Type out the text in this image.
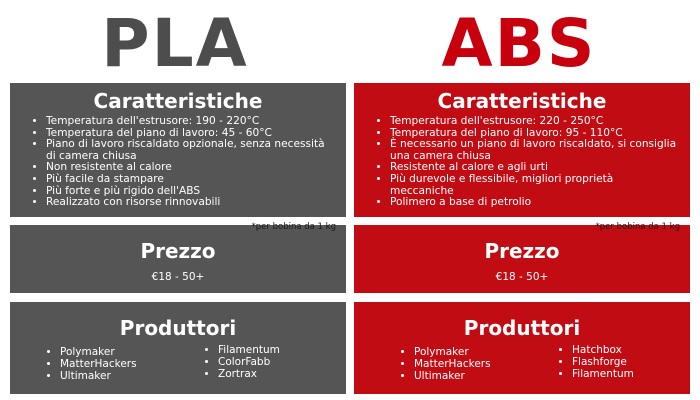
PLA	ABS
Caratteristiche
• Temperatura dell'estrusore: 190 - 220°C
• Temperatura del piano di lavoro: 45 - 60°C
• Piano di lavoro riscaldato opzionale, senza necessità di camera chiusa
• Non resistente al calore
• Più facile da stampare
• Più forte e più rigido dell'ABS
• Realizzato con risorse rinnovabili
Caratteristiche
• Temperatura dell'estrusore: 220 - 250°C
• Temperatura del piano di lavoro: 95 - 110°C
• È necessario un piano di lavoro riscaldato, si consiglia una camera chiusa
• Resistente al calore e agli urti
• Più durevole e flessibile, migliori proprietà meccaniche
• Polimero a base di petrolio
*per bobina da 1 kg
Prezzo
€18 - 50+
*per bobina da 1 kg
Prezzo
€18 - 50+
Produttori
• Polymaker
• MatterHackers
• Ultimaker
• Filamentum
• ColorFabb
• Zortrax
Produttori
• Polymaker
• MatterHackers
• Ultimaker
• Hatchbox
• Flashforge
• Filamentum
